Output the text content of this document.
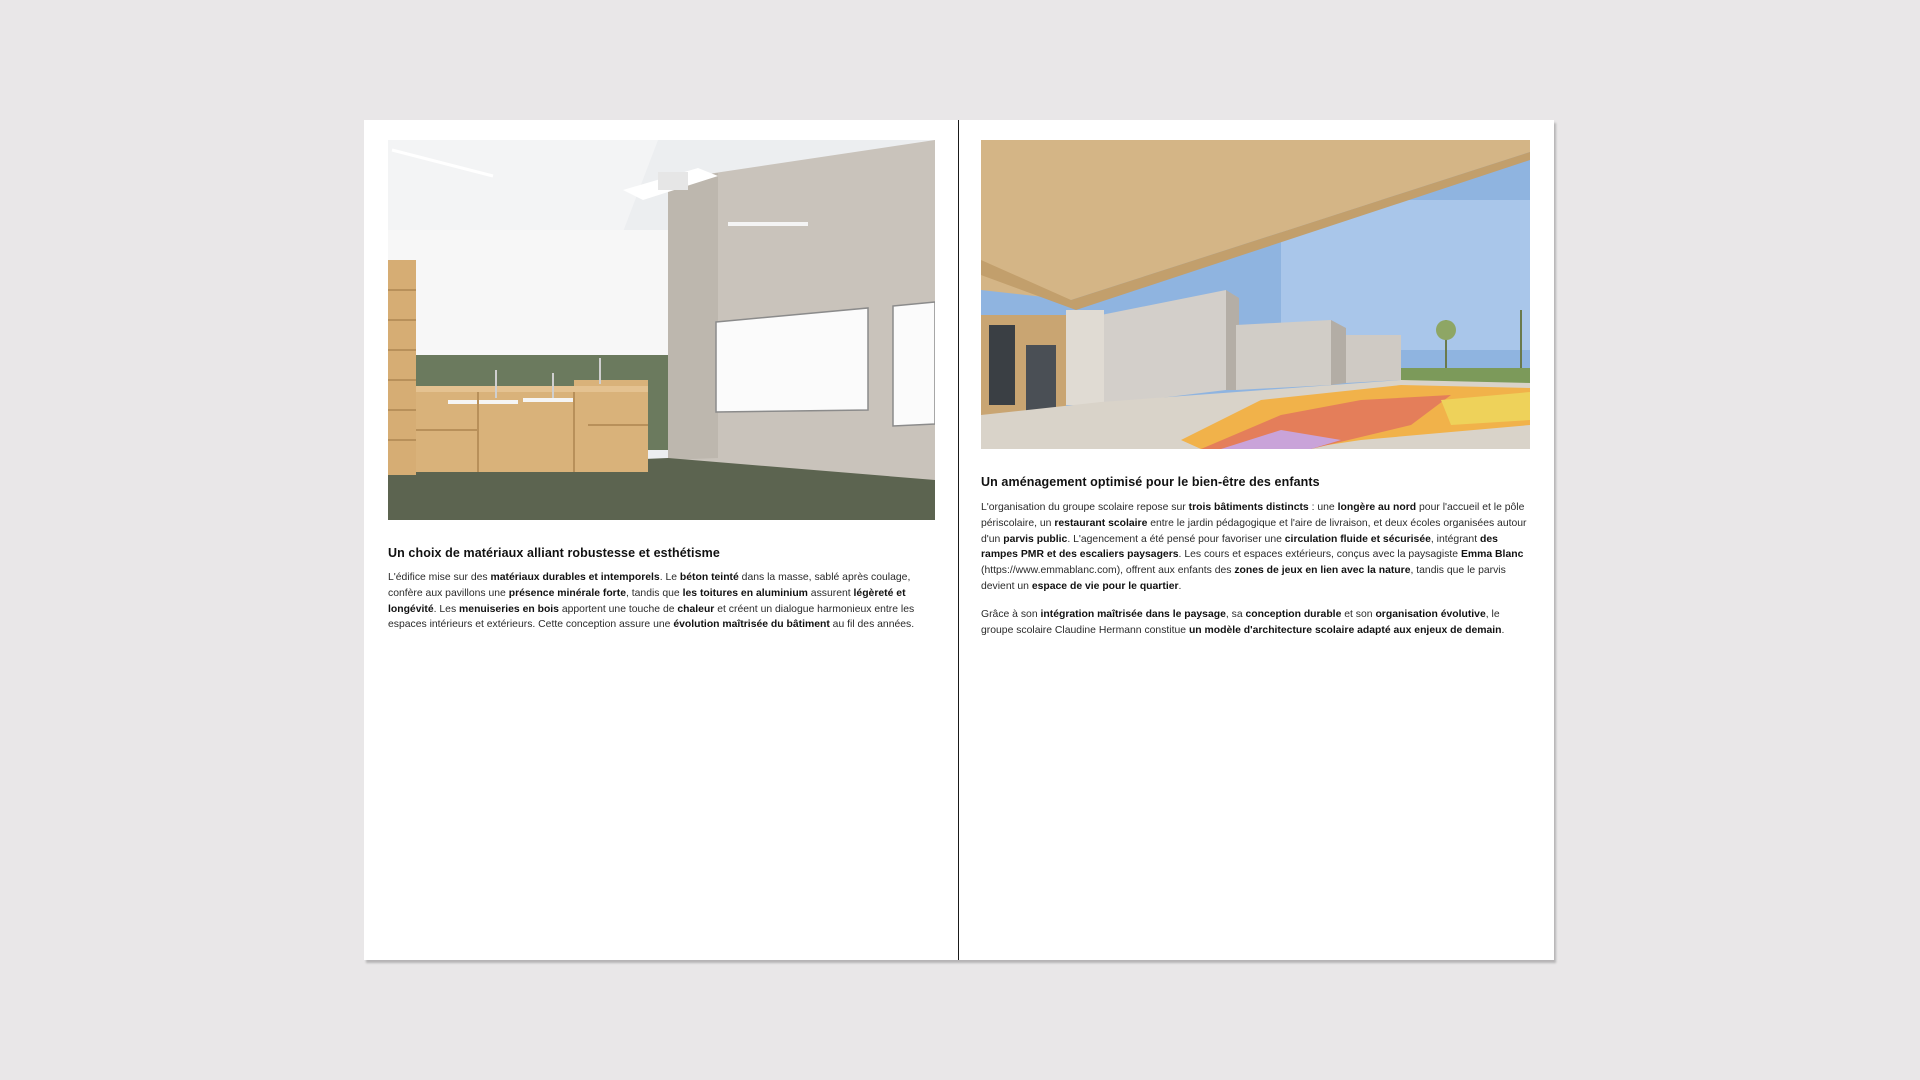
Un choix de matériaux alliant robustesse et esthétisme

L'édifice mise sur des matériaux durables et intemporels. Le béton teinté dans la masse, sablé après coulage, confère aux pavillons une présence minérale forte, tandis que les toitures en aluminium assurent légèreté et longévité. Les menuiseries en bois apportent une touche de chaleur et créent un dialogue harmonieux entre les espaces intérieurs et extérieurs. Cette conception assure une évolution maîtrisée du bâtiment au fil des années.

Un aménagement optimisé pour le bien-être des enfants

L'organisation du groupe scolaire repose sur trois bâtiments distincts : une longère au nord pour l'accueil et le pôle périscolaire, un restaurant scolaire entre le jardin pédagogique et l'aire de livraison, et deux écoles organisées autour d'un parvis public. L'agencement a été pensé pour favoriser une circulation fluide et sécurisée, intégrant des rampes PMR et des escaliers paysagers. Les cours et espaces extérieurs, conçus avec la paysagiste Emma Blanc (https://www.emmablanc.com), offrent aux enfants des zones de jeux en lien avec la nature, tandis que le parvis devient un espace de vie pour le quartier.

Grâce à son intégration maîtrisée dans le paysage, sa conception durable et son organisation évolutive, le groupe scolaire Claudine Hermann constitue un modèle d'architecture scolaire adapté aux enjeux de demain.
